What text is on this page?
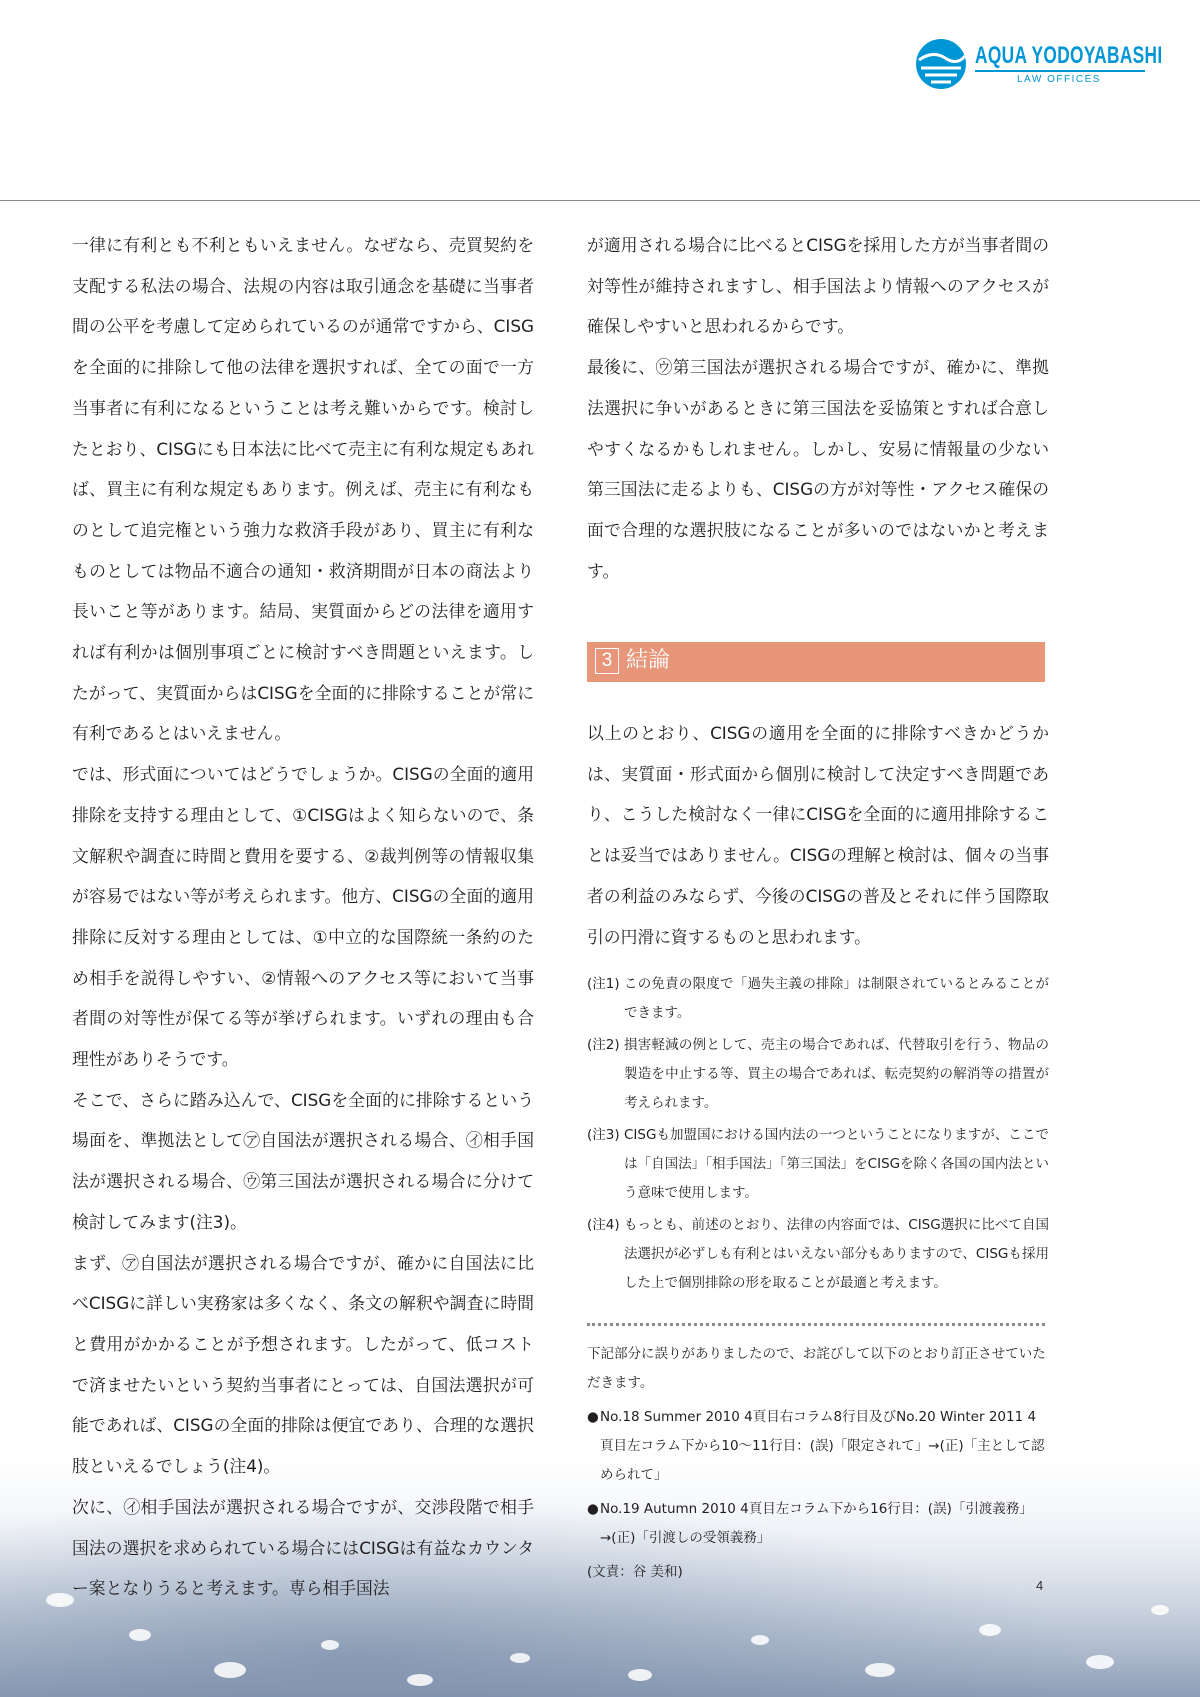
AQUA YODOYABASHI
LAW OFFICES

一律に有利とも不利ともいえません。なぜなら、売買契約を支配する私法の場合、法規の内容は取引通念を基礎に当事者間の公平を考慮して定められているのが通常ですから、CISGを全面的に排除して他の法律を選択すれば、全ての面で一方当事者に有利になるということは考え難いからです。検討したとおり、CISGにも日本法に比べて売主に有利な規定もあれば、買主に有利な規定もあります。例えば、売主に有利なものとして追完権という強力な救済手段があり、買主に有利なものとしては物品不適合の通知・救済期間が日本の商法より長いこと等があります。結局、実質面からどの法律を適用すれば有利かは個別事項ごとに検討すべき問題といえます。したがって、実質面からはCISGを全面的に排除することが常に有利であるとはいえません。

では、形式面についてはどうでしょうか。CISGの全面的適用排除を支持する理由として、①CISGはよく知らないので、条文解釈や調査に時間と費用を要する、②裁判例等の情報収集が容易ではない等が考えられます。他方、CISGの全面的適用排除に反対する理由としては、①中立的な国際統一条約のため相手を説得しやすい、②情報へのアクセス等において当事者間の対等性が保てる等が挙げられます。いずれの理由も合理性がありそうです。

そこで、さらに踏み込んで、CISGを全面的に排除するという場面を、準拠法として㋐自国法が選択される場合、㋑相手国法が選択される場合、㋒第三国法が選択される場合に分けて検討してみます(注3)。

まず、㋐自国法が選択される場合ですが、確かに自国法に比べCISGに詳しい実務家は多くなく、条文の解釈や調査に時間と費用がかかることが予想されます。したがって、低コストで済ませたいという契約当事者にとっては、自国法選択が可能であれば、CISGの全面的排除は便宜であり、合理的な選択肢といえるでしょう(注4)。

次に、㋑相手国法が選択される場合ですが、交渉段階で相手国法の選択を求められている場合にはCISGは有益なカウンター案となりうると考えます。専ら相手国法

が適用される場合に比べるとCISGを採用した方が当事者間の対等性が維持されますし、相手国法より情報へのアクセスが確保しやすいと思われるからです。

最後に、㋒第三国法が選択される場合ですが、確かに、準拠法選択に争いがあるときに第三国法を妥協策とすれば合意しやすくなるかもしれません。しかし、安易に情報量の少ない第三国法に走るよりも、CISGの方が対等性・アクセス確保の面で合理的な選択肢になることが多いのではないかと考えます。

3 結論

以上のとおり、CISGの適用を全面的に排除すべきかどうかは、実質面・形式面から個別に検討して決定すべき問題であり、こうした検討なく一律にCISGを全面的に適用排除することは妥当ではありません。CISGの理解と検討は、個々の当事者の利益のみならず、今後のCISGの普及とそれに伴う国際取引の円滑に資するものと思われます。

(注1) この免責の限度で「過失主義の排除」は制限されているとみることができます。

(注2) 損害軽減の例として、売主の場合であれば、代替取引を行う、物品の製造を中止する等、買主の場合であれば、転売契約の解消等の措置が考えられます。

(注3) CISGも加盟国における国内法の一つということになりますが、ここでは「自国法」「相手国法」「第三国法」をCISGを除く各国の国内法という意味で使用します。

(注4) もっとも、前述のとおり、法律の内容面では、CISG選択に比べて自国法選択が必ずしも有利とはいえない部分もありますので、CISGも採用した上で個別排除の形を取ることが最適と考えます。

下記部分に誤りがありましたので、お詫びして以下のとおり訂正させていただきます。

● No.18 Summer 2010 4頁目右コラム8行目及びNo.20 Winter 2011 4頁目左コラム下から10〜11行目：(誤)「限定されて」→(正)「主として認められて」

● No.19 Autumn 2010 4頁目左コラム下から16行目：(誤)「引渡義務」→(正)「引渡しの受領義務」

(文責：谷 美和)

4
